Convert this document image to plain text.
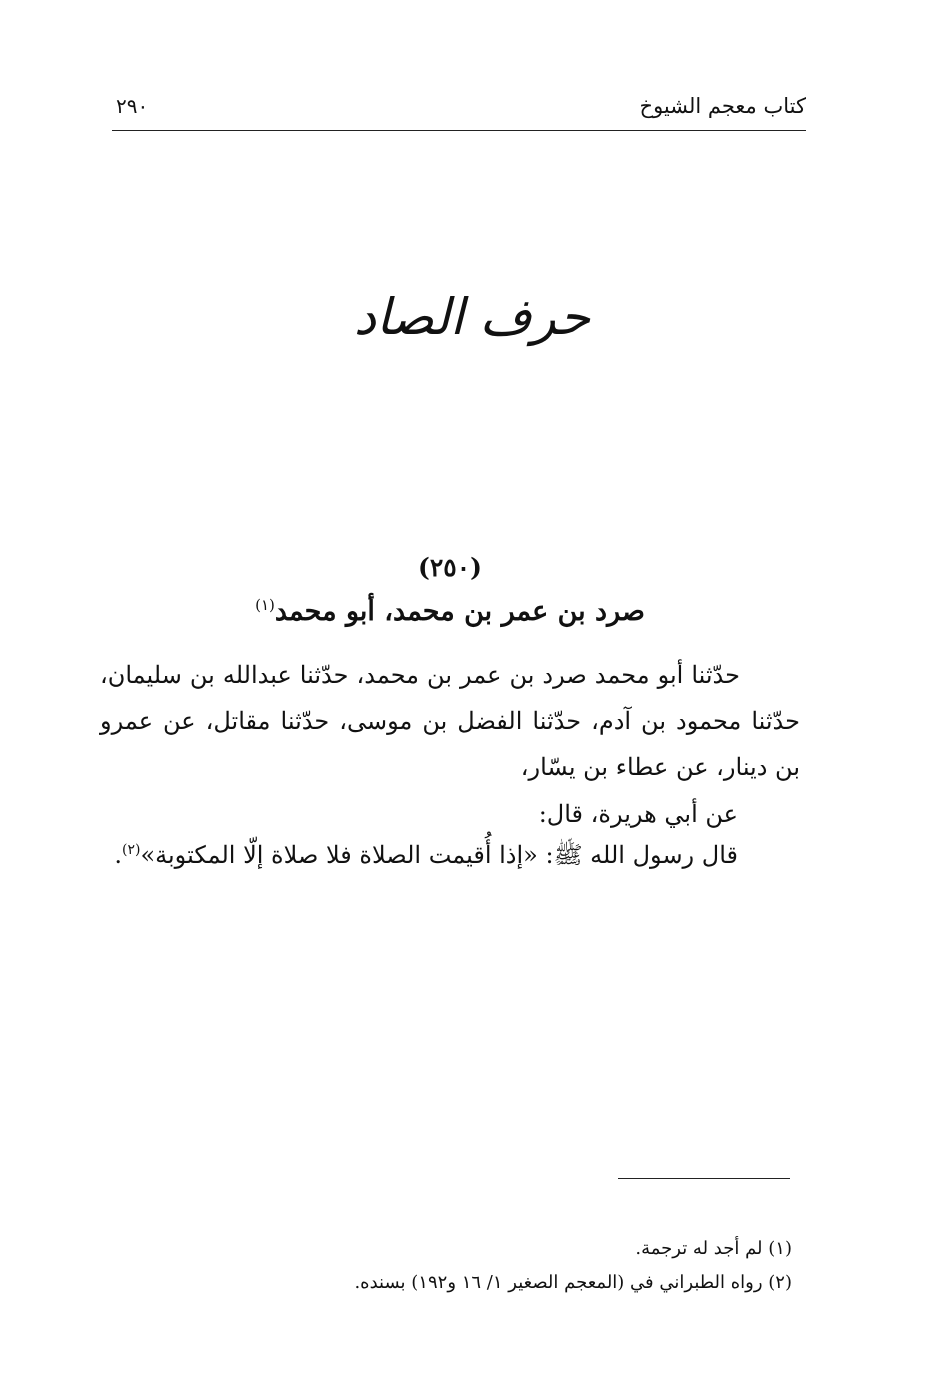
كتاب معجم الشيوخ
٢٩٠
حرف الصاد
(٢٥٠)
صرد بن عمر بن محمد، أبو محمد$^{(١)}$
حدّثنا أبو محمد صرد بن عمر بن محمد، حدّثنا عبدالله بن سليمان، حدّثنا محمود بن آدم، حدّثنا الفضل بن موسى، حدّثنا مقاتل، عن عمرو بن دينار، عن عطاء بن يسّار،
عن أبي هريرة، قال:
قال رسول الله ﷺ: «إذا أُقيمت الصلاة فلا صلاة إلّا المكتوبة»$^{(٢)}$.
(١) لم أجد له ترجمة.
(٢) رواه الطبراني في (المعجم الصغير ١/ ١٦ و١٩٢) بسنده.
